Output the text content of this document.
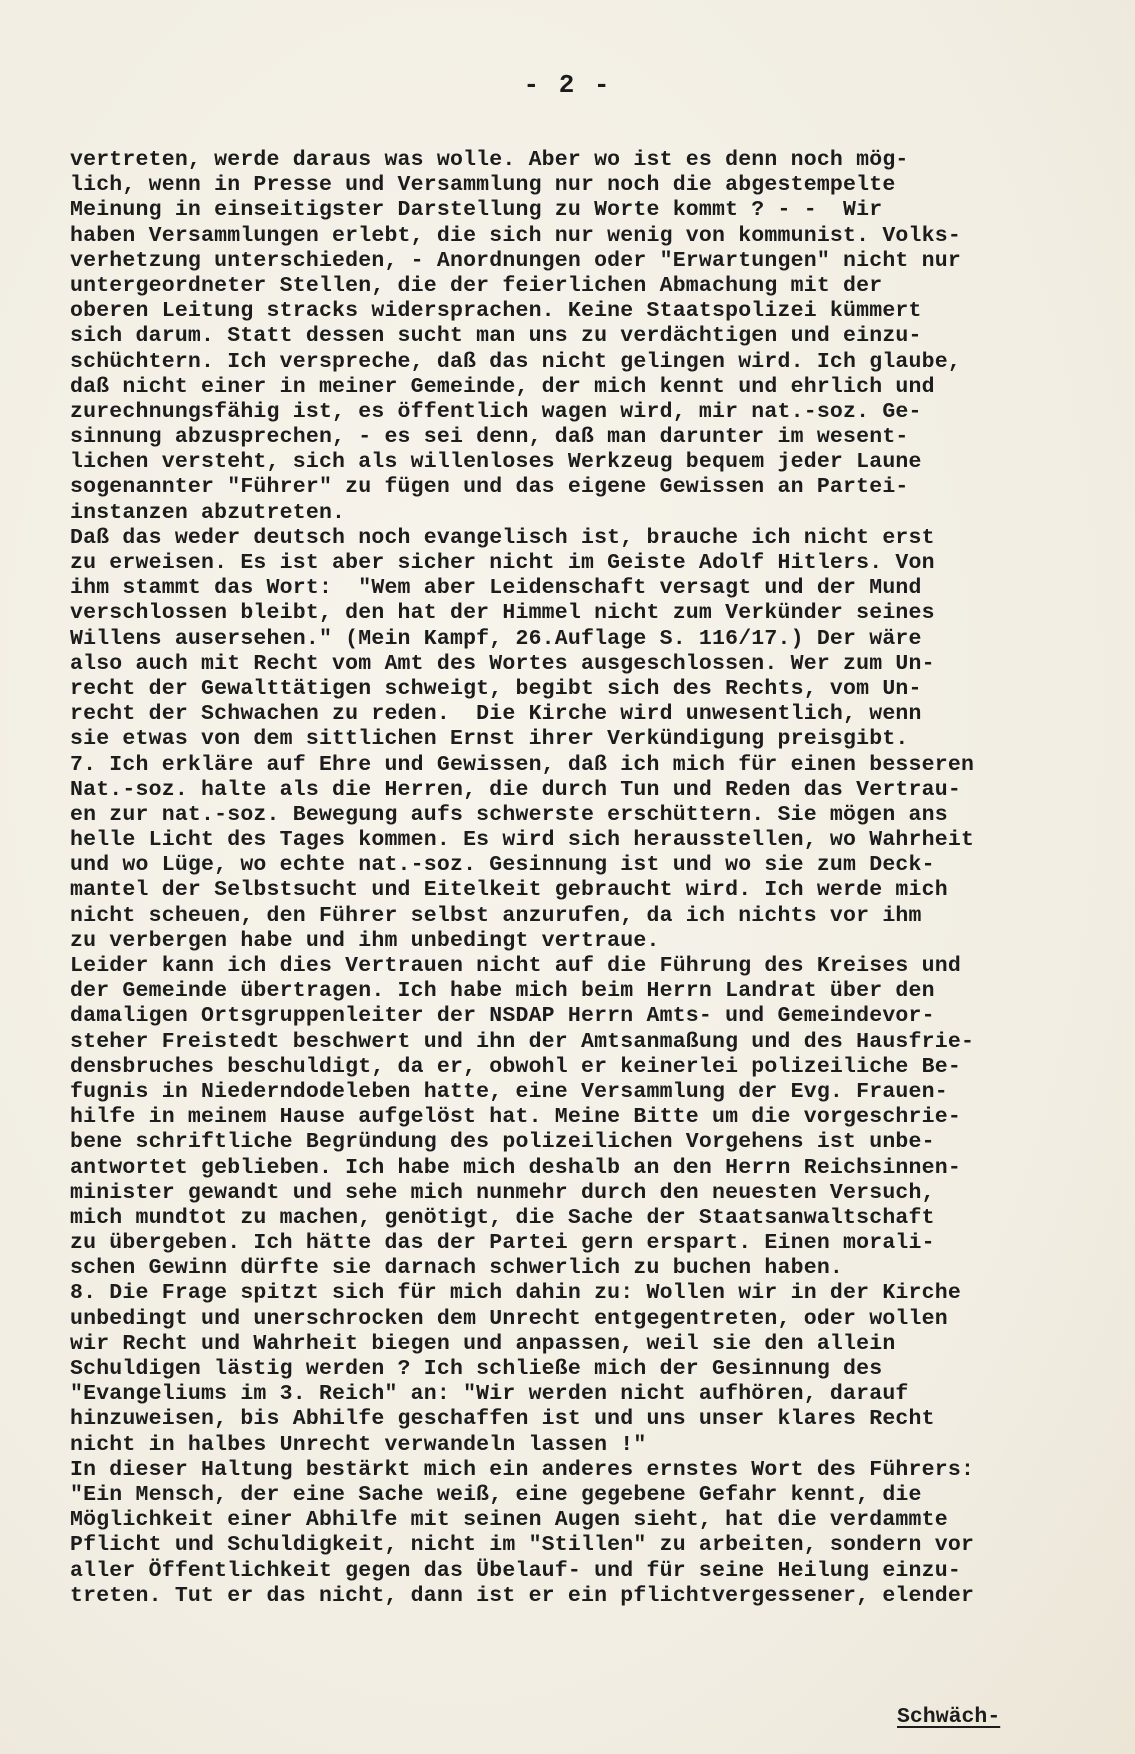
- 2 -
vertreten, werde daraus was wolle. Aber wo ist es denn noch mög-
lich, wenn in Presse und Versammlung nur noch die abgestempelte
Meinung in einseitigster Darstellung zu Worte kommt ? - -  Wir
haben Versammlungen erlebt, die sich nur wenig von kommunist. Volks-
verhetzung unterschieden, - Anordnungen oder "Erwartungen" nicht nur
untergeordneter Stellen, die der feierlichen Abmachung mit der
oberen Leitung stracks widersprachen. Keine Staatspolizei kümmert
sich darum. Statt dessen sucht man uns zu verdächtigen und einzu-
schüchtern. Ich verspreche, daß das nicht gelingen wird. Ich glaube,
daß nicht einer in meiner Gemeinde, der mich kennt und ehrlich und
zurechnungsfähig ist, es öffentlich wagen wird, mir nat.-soz. Ge-
sinnung abzusprechen, - es sei denn, daß man darunter im wesent-
lichen versteht, sich als willenloses Werkzeug bequem jeder Laune
sogenannter "Führer" zu fügen und das eigene Gewissen an Partei-
instanzen abzutreten.
Daß das weder deutsch noch evangelisch ist, brauche ich nicht erst
zu erweisen. Es ist aber sicher nicht im Geiste Adolf Hitlers. Von
ihm stammt das Wort:  "Wem aber Leidenschaft versagt und der Mund
verschlossen bleibt, den hat der Himmel nicht zum Verkünder seines
Willens ausersehen." (Mein Kampf, 26.Auflage S. 116/17.) Der wäre
also auch mit Recht vom Amt des Wortes ausgeschlossen. Wer zum Un-
recht der Gewalttätigen schweigt, begibt sich des Rechts, vom Un-
recht der Schwachen zu reden.  Die Kirche wird unwesentlich, wenn
sie etwas von dem sittlichen Ernst ihrer Verkündigung preisgibt.
7. Ich erkläre auf Ehre und Gewissen, daß ich mich für einen besseren
Nat.-soz. halte als die Herren, die durch Tun und Reden das Vertrau-
en zur nat.-soz. Bewegung aufs schwerste erschüttern. Sie mögen ans
helle Licht des Tages kommen. Es wird sich herausstellen, wo Wahrheit
und wo Lüge, wo echte nat.-soz. Gesinnung ist und wo sie zum Deck-
mantel der Selbstsucht und Eitelkeit gebraucht wird. Ich werde mich
nicht scheuen, den Führer selbst anzurufen, da ich nichts vor ihm
zu verbergen habe und ihm unbedingt vertraue.
Leider kann ich dies Vertrauen nicht auf die Führung des Kreises und
der Gemeinde übertragen. Ich habe mich beim Herrn Landrat über den
damaligen Ortsgruppenleiter der NSDAP Herrn Amts- und Gemeindevor-
steher Freistedt beschwert und ihn der Amtsanmaßung und des Hausfrie-
densbruches beschuldigt, da er, obwohl er keinerlei polizeiliche Be-
fugnis in Niederndodeleben hatte, eine Versammlung der Evg. Frauen-
hilfe in meinem Hause aufgelöst hat. Meine Bitte um die vorgeschrie-
bene schriftliche Begründung des polizeilichen Vorgehens ist unbe-
antwortet geblieben. Ich habe mich deshalb an den Herrn Reichsinnen-
minister gewandt und sehe mich nunmehr durch den neuesten Versuch,
mich mundtot zu machen, genötigt, die Sache der Staatsanwaltschaft
zu übergeben. Ich hätte das der Partei gern erspart. Einen morali-
schen Gewinn dürfte sie darnach schwerlich zu buchen haben.
8. Die Frage spitzt sich für mich dahin zu: Wollen wir in der Kirche
unbedingt und unerschrocken dem Unrecht entgegentreten, oder wollen
wir Recht und Wahrheit biegen und anpassen, weil sie den allein
Schuldigen lästig werden ? Ich schließe mich der Gesinnung des
"Evangeliums im 3. Reich" an: "Wir werden nicht aufhören, darauf
hinzuweisen, bis Abhilfe geschaffen ist und uns unser klares Recht
nicht in halbes Unrecht verwandeln lassen !"
In dieser Haltung bestärkt mich ein anderes ernstes Wort des Führers:
"Ein Mensch, der eine Sache weiß, eine gegebene Gefahr kennt, die
Möglichkeit einer Abhilfe mit seinen Augen sieht, hat die verdammte
Pflicht und Schuldigkeit, nicht im "Stillen" zu arbeiten, sondern vor
aller Öffentlichkeit gegen das Übelauf- und für seine Heilung einzu-
treten. Tut er das nicht, dann ist er ein pflichtvergessener, elender
Schwäch-
